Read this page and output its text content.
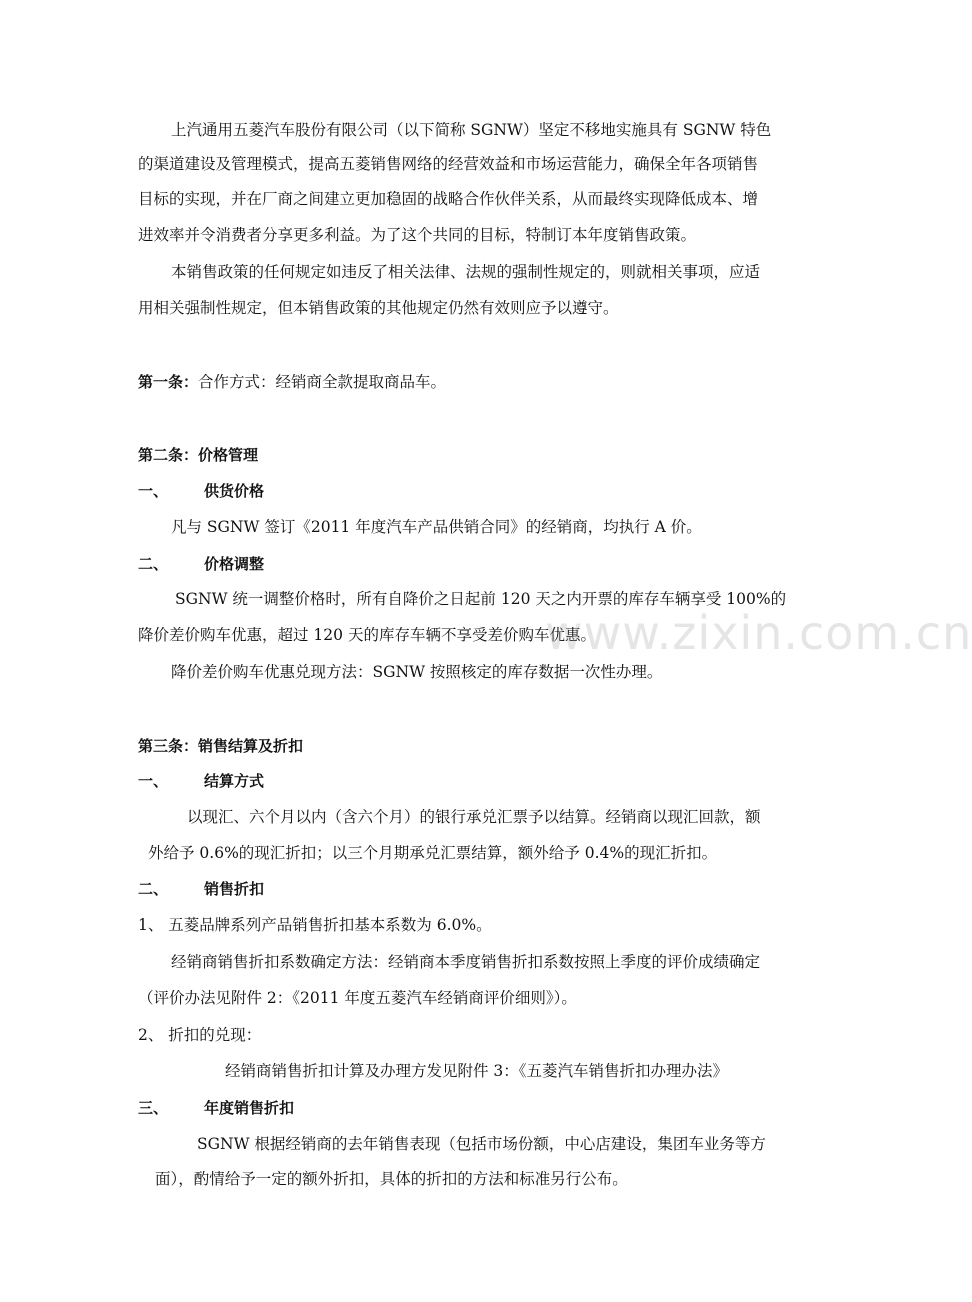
上汽通用五菱汽车股份有限公司（以下简称 SGNW）坚定不移地实施具有 SGNW 特色

的渠道建设及管理模式，提高五菱销售网络的经营效益和市场运营能力，确保全年各项销售

目标的实现，并在厂商之间建立更加稳固的战略合作伙伴关系，从而最终实现降低成本、增

进效率并令消费者分享更多利益。为了这个共同的目标，特制订本年度销售政策。

本销售政策的任何规定如违反了相关法律、法规的强制性规定的，则就相关事项，应适

用相关强制性规定，但本销售政策的其他规定仍然有效则应予以遵守。

第一条：合作方式：经销商全款提取商品车。

第二条：价格管理

一、 供货价格

凡与 SGNW 签订《2011 年度汽车产品供销合同》的经销商，均执行 A 价。

二、 价格调整

SGNW 统一调整价格时，所有自降价之日起前 120 天之内开票的库存车辆享受 100%的

降价差价购车优惠，超过 120 天的库存车辆不享受差价购车优惠。

降价差价购车优惠兑现方法：SGNW 按照核定的库存数据一次性办理。

第三条：销售结算及折扣

一、 结算方式

以现汇、六个月以内（含六个月）的银行承兑汇票予以结算。经销商以现汇回款，额

外给予 0.6%的现汇折扣；以三个月期承兑汇票结算，额外给予 0.4%的现汇折扣。

二、 销售折扣

1、 五菱品牌系列产品销售折扣基本系数为 6.0%。

经销商销售折扣系数确定方法：经销商本季度销售折扣系数按照上季度的评价成绩确定

（评价办法见附件 2：《2011 年度五菱汽车经销商评价细则》）。

2、 折扣的兑现：

经销商销售折扣计算及办理方发见附件 3：《五菱汽车销售折扣办理办法》

三、 年度销售折扣

SGNW 根据经销商的去年销售表现（包括市场份额，中心店建设，集团车业务等方

面），酌情给予一定的额外折扣，具体的折扣的方法和标准另行公布。

www.zixin.com.cn
